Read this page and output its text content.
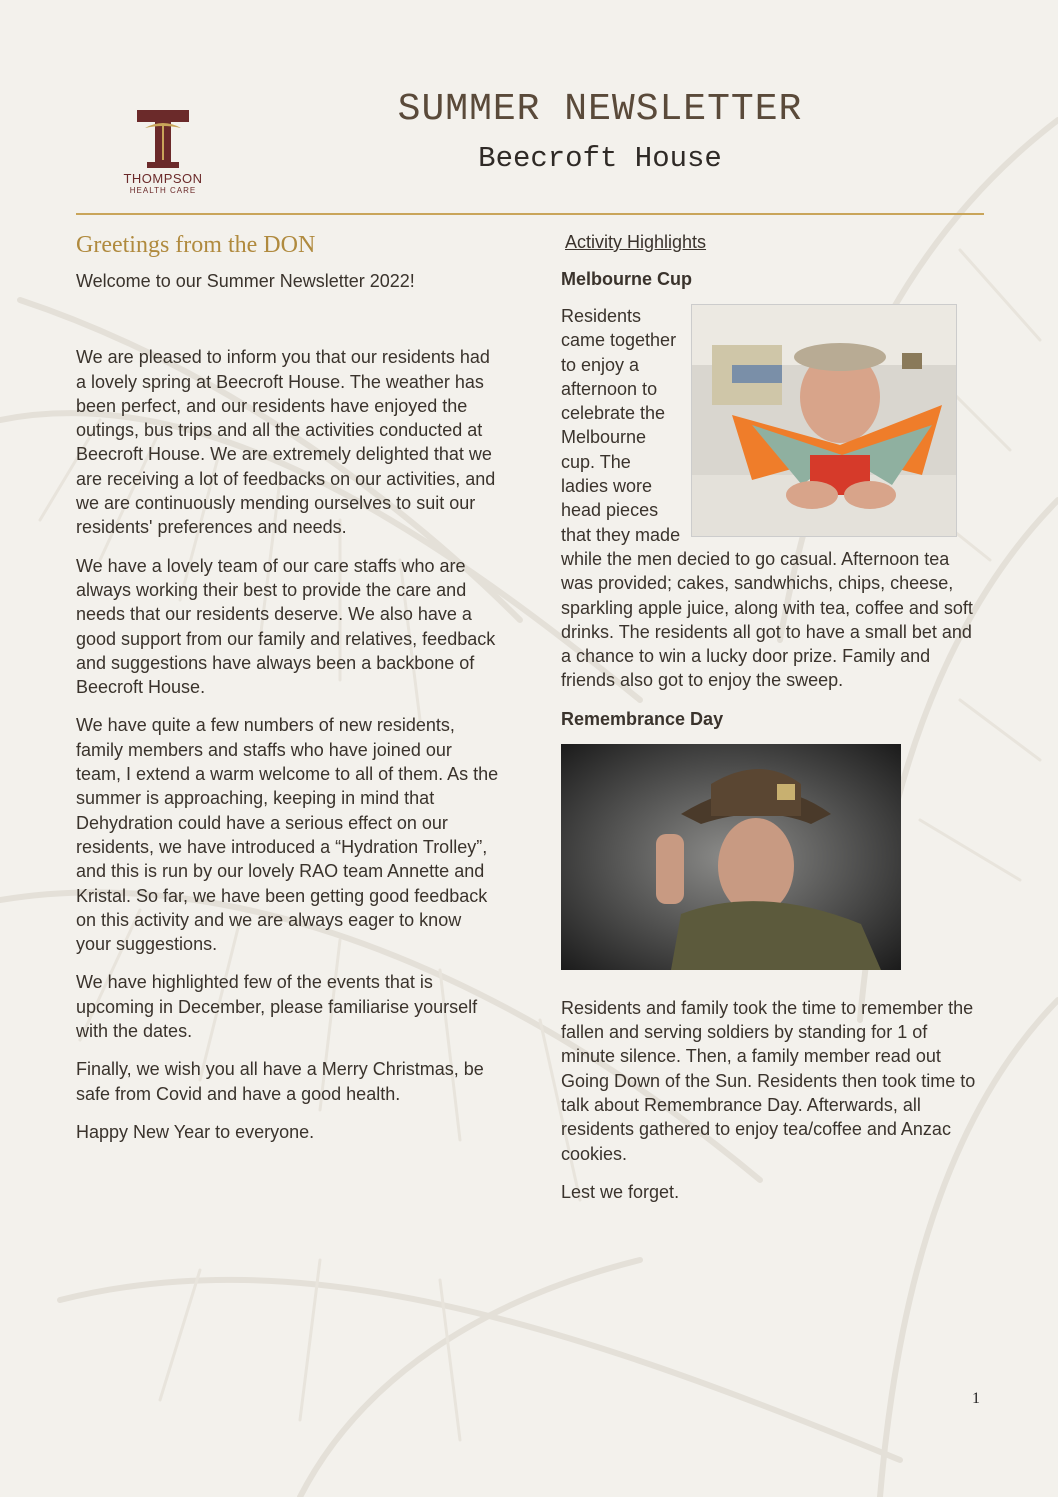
THOMPSON
HEALTH CARE
SUMMER NEWSLETTER
Beecroft House
Greetings from the DON

Welcome to our Summer Newsletter 2022!

We are pleased to inform you that our residents had a lovely spring at Beecroft House. The weather has been perfect, and our residents have enjoyed the outings, bus trips and all the activities conducted at Beecroft House. We are extremely delighted that we are receiving a lot of feedbacks on our activities, and we are continuously mending ourselves to suit our residents' preferences and needs.

We have a lovely team of our care staffs who are always working their best to provide the care and needs that our residents deserve. We also have a good support from our family and relatives, feedback and suggestions have always been a backbone of Beecroft House.

We have quite a few numbers of new residents, family members and staffs who have joined our team, I extend a warm welcome to all of them. As the summer is approaching, keeping in mind that Dehydration could have a serious effect on our residents, we have introduced a “Hydration Trolley”, and this is run by our lovely RAO team Annette and Kristal. So far, we have been getting good feedback on this activity and we are always eager to know your suggestions.

We have highlighted few of the events that is upcoming in December, please familiarise yourself with the dates.

Finally, we wish you all have a Merry Christmas, be safe from Covid and have a good health.

Happy New Year to everyone.

Activity Highlights
Melbourne Cup

Residents came together to enjoy a afternoon to celebrate the Melbourne cup. The ladies wore head pieces that they made while the men decied to go casual. Afternoon tea was provided; cakes, sandwhichs, chips, cheese, sparkling apple juice, along with tea, coffee and soft drinks. The residents all got to have a small bet and a chance to win a lucky door prize. Family and friends also got to enjoy the sweep.

Remembrance Day

Residents and family took the time to remember the fallen and serving soldiers by standing for 1 of minute silence. Then, a family member read out Going Down of the Sun. Residents then took time to talk about Remembrance Day. Afterwards, all residents gathered to enjoy tea/coffee and Anzac cookies.

Lest we forget.

1
